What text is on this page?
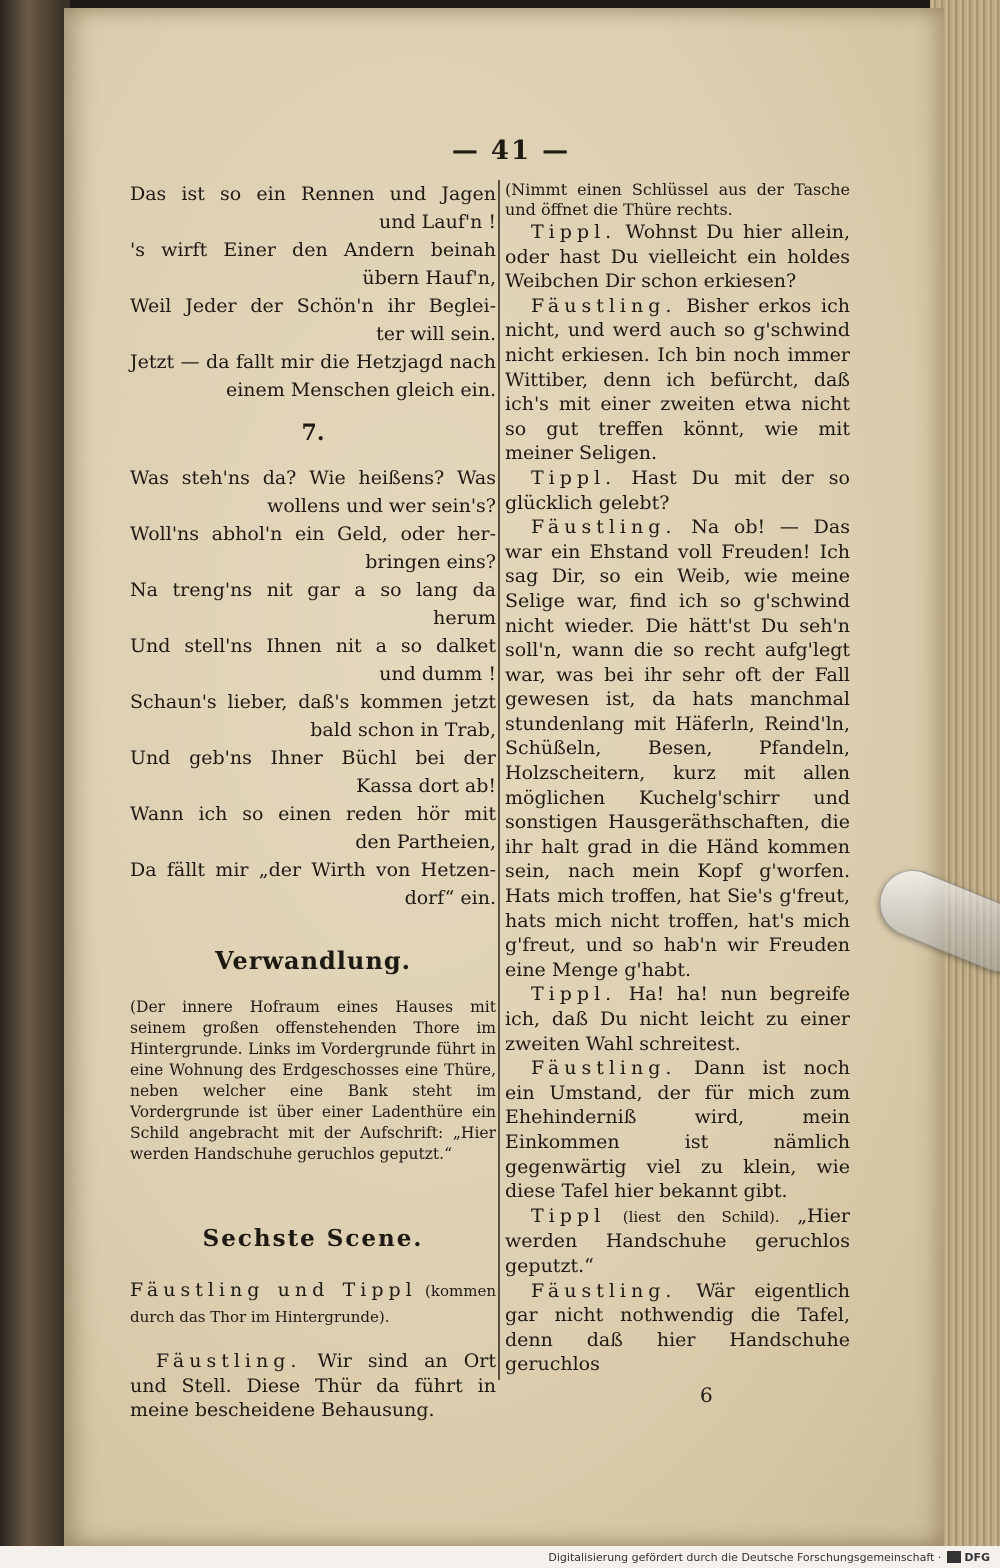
— 41 —
Das ist so ein Rennen und Jagen
und Lauf'n !
's wirft Einer den Andern beinah
übern Hauf'n,
Weil Jeder der Schön'n ihr Beglei-
ter will sein.
Jetzt — da fallt mir die Hetzjagd nach
einem Menschen gleich ein.
7.
Was steh'ns da? Wie heißens? Was
wollens und wer sein's?
Woll'ns abhol'n ein Geld, oder her-
bringen eins?
Na treng'ns nit gar a so lang da
herum
Und stell'ns Ihnen nit a so dalket
und dumm !
Schaun's lieber, daß's kommen jetzt
bald schon in Trab,
Und geb'ns Ihner Büchl bei der
Kassa dort ab!
Wann ich so einen reden hör mit
den Partheien,
Da fällt mir „der Wirth von Hetzen-
dorf“ ein.
Verwandlung.
(Der innere Hofraum eines Hauses mit seinem großen offenstehenden Thore im Hintergrunde. Links im Vordergrunde führt in eine Wohnung des Erdgeschosses eine Thüre, neben welcher eine Bank steht im Vordergrunde ist über einer Ladenthüre ein Schild angebracht mit der Aufschrift: „Hier werden Handschuhe geruchlos geputzt.“
Sechste Scene.
Fäustling und Tippl (kommen durch das Thor im Hintergrunde).
Fäustling. Wir sind an Ort und Stell. Diese Thür da führt in meine bescheidene Behausung.
(Nimmt einen Schlüssel aus der Tasche und öffnet die Thüre rechts.
Tippl. Wohnst Du hier allein, oder hast Du vielleicht ein holdes Weibchen Dir schon erkiesen?
Fäustling. Bisher erkos ich nicht, und werd auch so g'schwind nicht erkiesen. Ich bin noch immer Wittiber, denn ich befürcht, daß ich's mit einer zweiten etwa nicht so gut treffen könnt, wie mit meiner Seligen.
Tippl. Hast Du mit der so glücklich gelebt?
Fäustling. Na ob! — Das war ein Ehstand voll Freuden! Ich sag Dir, so ein Weib, wie meine Selige war, find ich so g'schwind nicht wieder. Die hätt'st Du seh'n soll'n, wann die so recht aufg'legt war, was bei ihr sehr oft der Fall gewesen ist, da hats manchmal stundenlang mit Häferln, Reind'ln, Schüßeln, Besen, Pfandeln, Holzscheitern, kurz mit allen möglichen Kuchelg'schirr und sonstigen Hausgeräthschaften, die ihr halt grad in die Händ kommen sein, nach mein Kopf g'worfen. Hats mich troffen, hat Sie's g'freut, hats mich nicht troffen, hat's mich g'freut, und so hab'n wir Freuden eine Menge g'habt.
Tippl. Ha! ha! nun begreife ich, daß Du nicht leicht zu einer zweiten Wahl schreitest.
Fäustling. Dann ist noch ein Umstand, der für mich zum Ehehinderniß wird, mein Einkommen ist nämlich gegenwärtig viel zu klein, wie diese Tafel hier bekannt gibt.
Tippl (liest den Schild). „Hier werden Handschuhe geruchlos geputzt.“
Fäustling. Wär eigentlich gar nicht nothwendig die Tafel, denn daß hier Handschuhe geruchlos
6
Digitalisierung gefördert durch die Deutsche Forschungsgemeinschaft · DFG
